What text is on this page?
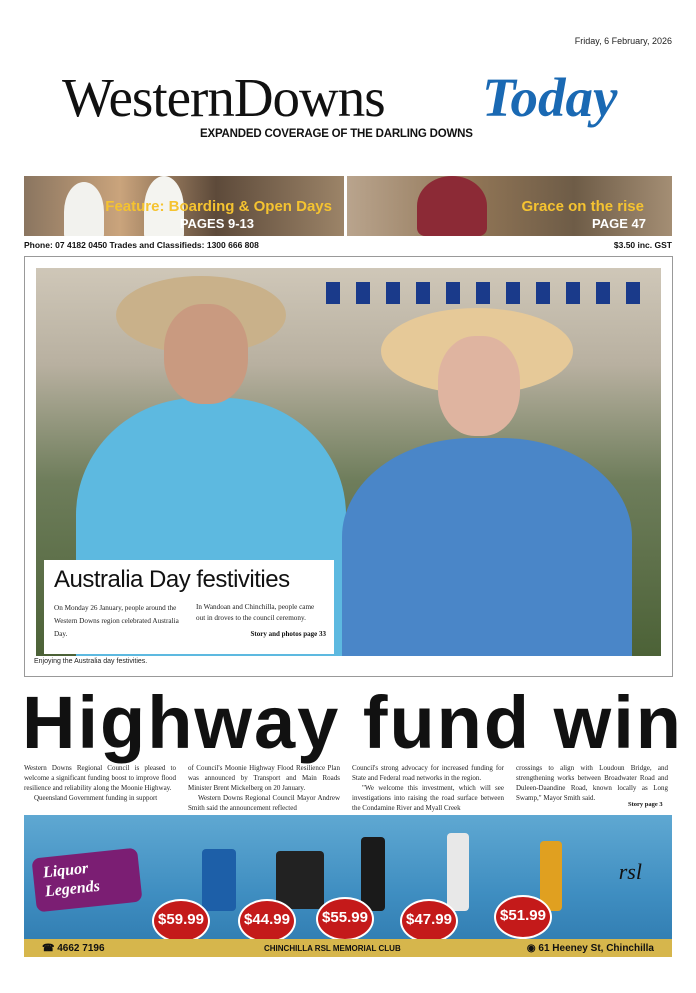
Friday, 6 February, 2026
WesternDowns Today
EXPANDED COVERAGE OF THE DARLING DOWNS
Feature: Boarding & Open Days
PAGES 9-13
Grace on the rise
PAGE 47
Phone: 07 4182 0450 Trades and Classifieds: 1300 666 808	$3.50 inc. GST
Australia Day festivities
On Monday 26 January, people around the Western Downs region celebrated Australia Day.
In Wandoan and Chinchilla, people came out in droves to the council ceremony.
Story and photos page 33
Enjoying the Australia day festivities.
Highway fund win

Western Downs Regional Council is pleased to welcome a significant funding boost to improve flood resilience and reliability along the Moonie Highway.

Queensland Government funding in support

of Council's Moonie Highway Flood Resilience Plan was announced by Transport and Main Roads Minister Brent Mickelberg on 20 January.

Western Downs Regional Council Mayor Andrew Smith said the announcement reflected

Council's strong advocacy for increased funding for State and Federal road networks in the region.

"We welcome this investment, which will see investigations into raising the road surface between the Condamine River and Myall Creek

crossings to align with Loudoun Bridge, and strengthening works between Broadwater Road and Duleen-Daandine Road, known locally as Long Swamp," Mayor Smith said.

Story page 3
Liquor Legends
$59.99	$44.99 $55.99	$47.99	$51.99
rsl
☎ 4662 7196	CHINCHILLA RSL MEMORIAL CLUB	◉ 61 Heeney St, Chinchilla
